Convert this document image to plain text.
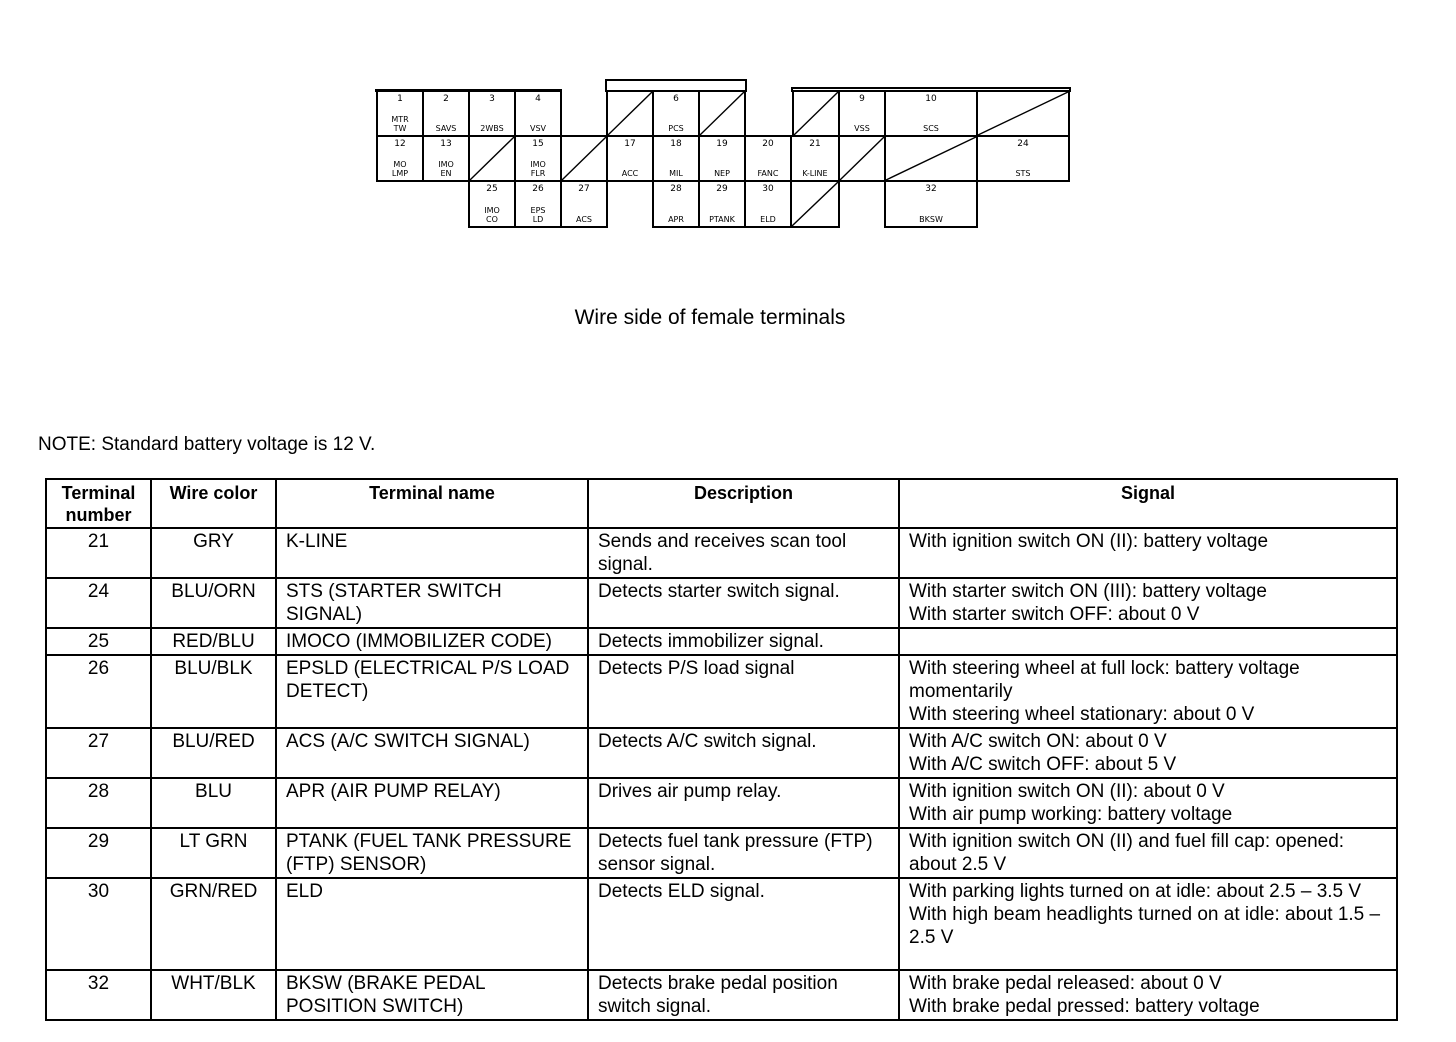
1
MTR
TW
2
SAVS
3
2WBS
4
VSV
6
PCS
9
VSS
10
SCS
12
MO
LMP
13
IMO
EN
15
IMO
FLR
17
ACC
18
MIL
19
NEP
20
FANC
21
K-LINE
24
STS
25
IMO
CO
26
EPS
LD
27
ACS
28
APR
29
PTANK
30
ELD
32
BKSW
Wire side of female terminals
NOTE: Standard battery voltage is 12 V.
Terminal number	Wire color	Terminal name	Description	Signal
21	GRY	K-LINE	Sends and receives scan tool signal.	With ignition switch ON (II): battery voltage

24	BLU/ORN	STS (STARTER SWITCH SIGNAL)	Detects starter switch signal.	With starter switch ON (III): battery voltage
With starter switch OFF: about 0 V

25	RED/BLU	IMOCO (IMMOBILIZER CODE)	Detects immobilizer signal.	
26	BLU/BLK	EPSLD (ELECTRICAL P/S LOAD DETECT)	Detects P/S load signal	With steering wheel at full lock: battery voltage momentarily
With steering wheel stationary: about 0 V

27	BLU/RED	ACS (A/C SWITCH SIGNAL)	Detects A/C switch signal.	With A/C switch ON: about 0 V
With A/C switch OFF: about 5 V

28	BLU	APR (AIR PUMP RELAY)	Drives air pump relay.	With ignition switch ON (II): about 0 V
With air pump working: battery voltage

29	LT GRN	PTANK (FUEL TANK PRESSURE (FTP) SENSOR)	Detects fuel tank pressure (FTP) sensor signal.	With ignition switch ON (II) and fuel fill cap: opened: about 2.5 V

30	GRN/RED	ELD	Detects ELD signal.	With parking lights turned on at idle: about 2.5 – 3.5 V
With high beam headlights turned on at idle: about 1.5 – 2.5 V

32	WHT/BLK	BKSW (BRAKE PEDAL POSITION SWITCH)	Detects brake pedal position switch signal.	With brake pedal released: about 0 V
With brake pedal pressed: battery voltage
